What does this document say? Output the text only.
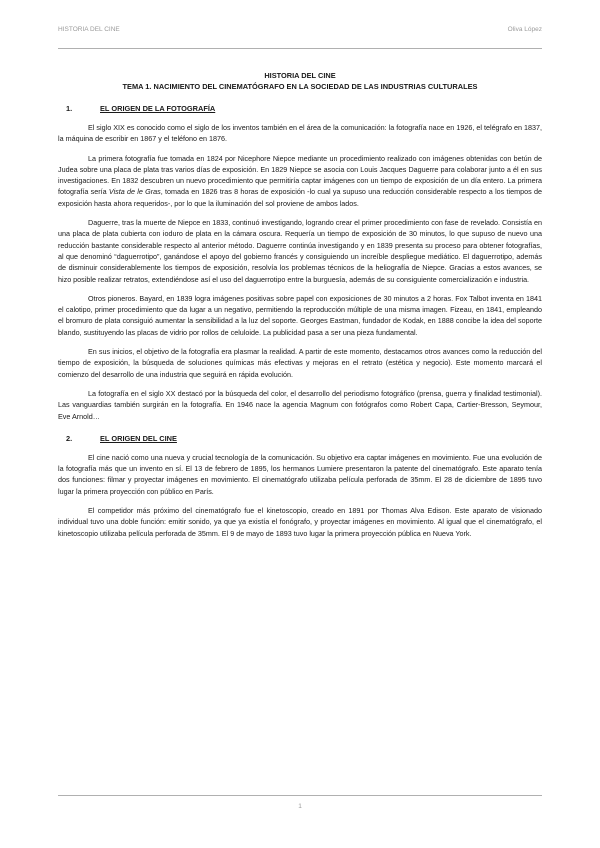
HISTORIA DEL CINE	Oliva López
HISTORIA DEL CINE
TEMA 1. NACIMIENTO DEL CINEMATÓGRAFO EN LA SOCIEDAD DE LAS INDUSTRIAS CULTURALES
1.	EL ORIGEN DE LA FOTOGRAFÍA

El siglo XIX es conocido como el siglo de los inventos también en el área de la comunicación: la fotografía nace en 1926, el telégrafo en 1837, la máquina de escribir en 1867 y el teléfono en 1876.

La primera fotografía fue tomada en 1824 por Nicephore Niepce mediante un procedimiento realizado con imágenes obtenidas con betún de Judea sobre una placa de plata tras varios días de exposición. En 1829 Niepce se asocia con Louis Jacques Daguerre para colaborar junto a él en sus investigaciones. En 1832 descubren un nuevo procedimiento que permitiría captar imágenes con un tiempo de exposición de un día entero. La primera fotografía sería Vista de le Gras, tomada en 1826 tras 8 horas de exposición -lo cual ya supuso una reducción considerable respecto a los tiempos de exposición hasta ahora requeridos-, por lo que la iluminación del sol proviene de ambos lados.

Daguerre, tras la muerte de Niepce en 1833, continuó investigando, logrando crear el primer procedimiento con fase de revelado. Consistía en una placa de plata cubierta con ioduro de plata en la cámara oscura. Requería un tiempo de exposición de 30 minutos, lo que supuso de nuevo una reducción bastante considerable respecto al anterior método. Daguerre continúa investigando y en 1839 presenta su proceso para obtener fotografías, al que denominó “daguerrotipo”, ganándose el apoyo del gobierno francés y consiguiendo un increíble despliegue mediático. El daguerrotipo, además de disminuir considerablemente los tiempos de exposición, resolvía los problemas técnicos de la heliografía de Niepce. Gracias a estos avances, se hizo posible realizar retratos, extendiéndose así el uso del daguerrotipo entre la burguesía, además de su consiguiente comercialización e industria.

Otros pioneros. Bayard, en 1839 logra imágenes positivas sobre papel con exposiciones de 30 minutos a 2 horas. Fox Talbot inventa en 1841 el calotipo, primer procedimiento que da lugar a un negativo, permitiendo la reproducción múltiple de una misma imagen. Fizeau, en 1841, empleando el bromuro de plata consiguió aumentar la sensibilidad a la luz del soporte. Georges Eastman, fundador de Kodak, en 1888 concibe la idea del soporte blando, sustituyendo las placas de vidrio por rollos de celuloide. La publicidad pasa a ser una pieza fundamental.

En sus inicios, el objetivo de la fotografía era plasmar la realidad. A partir de este momento, destacamos otros avances como la reducción del tiempo de exposición, la búsqueda de soluciones químicas más efectivas y mejoras en el retrato (estética y negocio). Este momento marcará el comienzo del desarrollo de una industria que seguirá en rápida evolución.

La fotografía en el siglo XX destacó por la búsqueda del color, el desarrollo del periodismo fotográfico (prensa, guerra y finalidad testimonial). Las vanguardias también surgirán en la fotografía. En 1946 nace la agencia Magnum con fotógrafos como Robert Capa, Cartier-Bresson, Seymour, Eve Arnold…

2.	EL ORIGEN DEL CINE

El cine nació como una nueva y crucial tecnología de la comunicación. Su objetivo era captar imágenes en movimiento. Fue una evolución de la fotografía más que un invento en sí. El 13 de febrero de 1895, los hermanos Lumiere presentaron la patente del cinematógrafo. Este aparato tenía dos funciones: filmar y proyectar imágenes en movimiento. El cinematógrafo utilizaba película perforada de 35mm. El 28 de diciembre de 1895 tuvo lugar la primera proyección con público en París.

El competidor más próximo del cinematógrafo fue el kinetoscopio, creado en 1891 por Thomas Alva Edison. Este aparato de visionado individual tuvo una doble función: emitir sonido, ya que ya existía el fonógrafo, y proyectar imágenes en movimiento. Al igual que el cinematógrafo, el kinetoscopio utilizaba película perforada de 35mm. El 9 de mayo de 1893 tuvo lugar la primera proyección pública en Nueva York.

1
